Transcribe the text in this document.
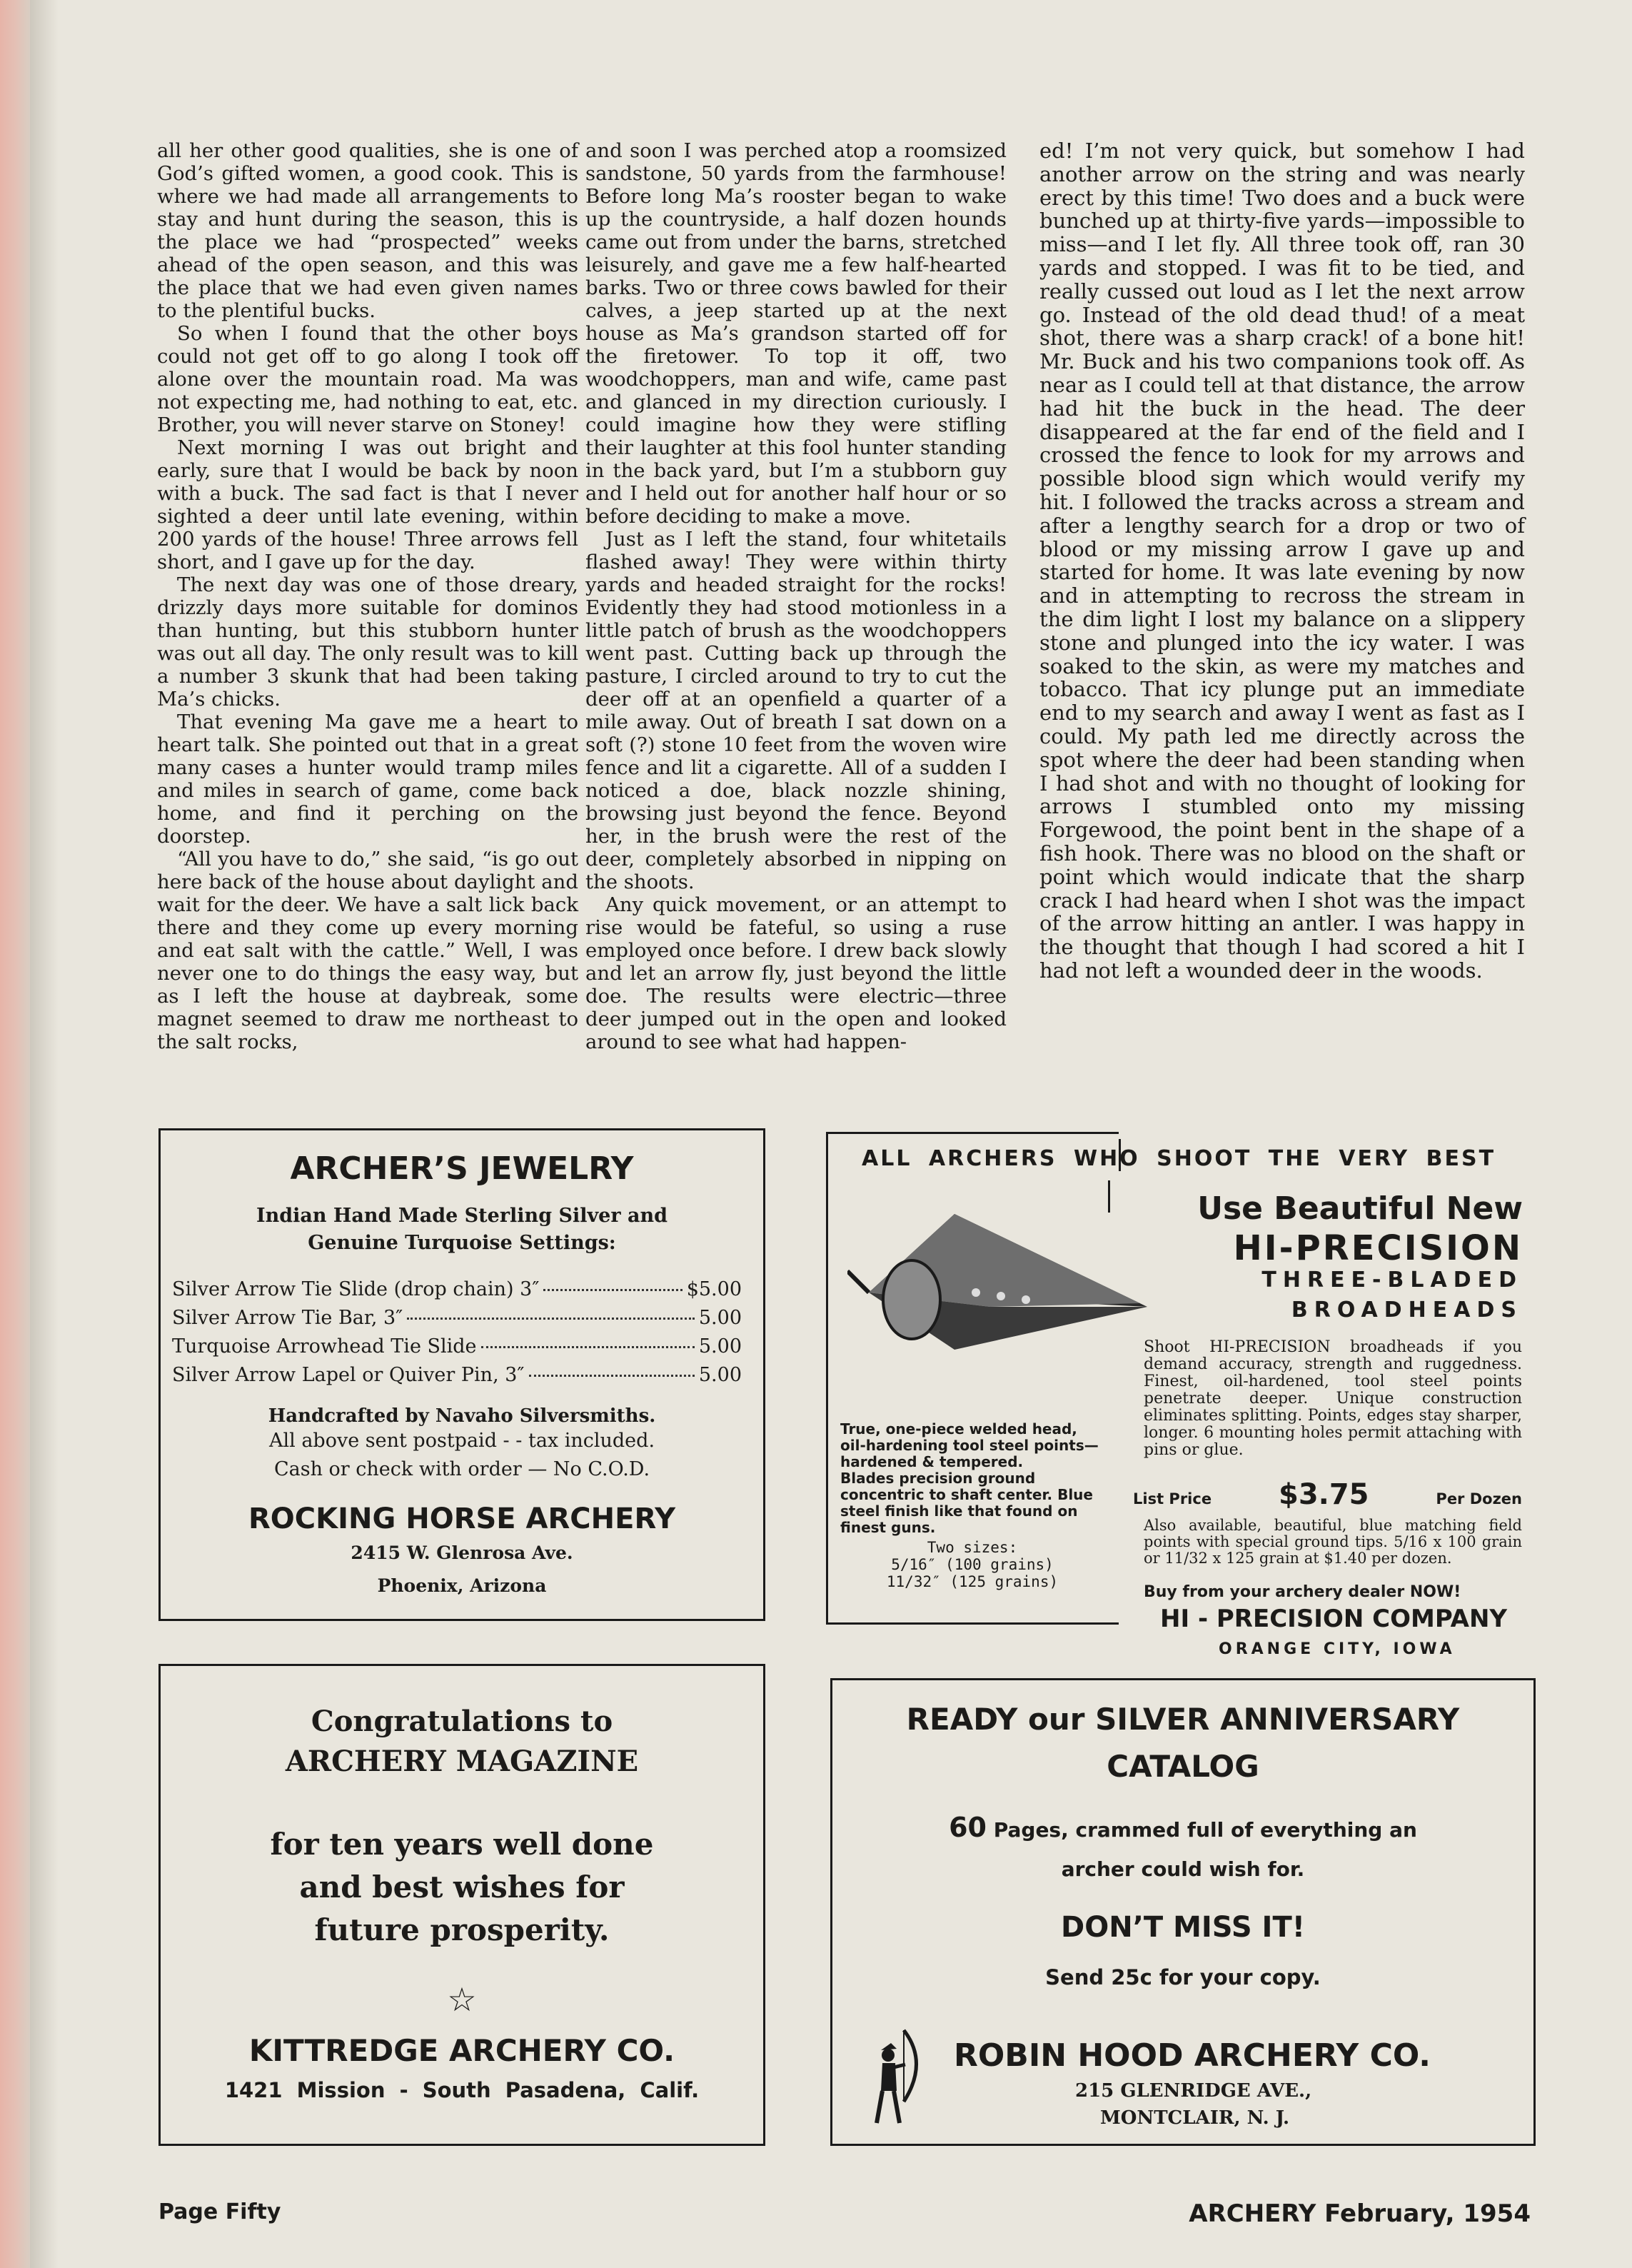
all her other good qualities, she is one of God’s gifted women, a good cook. This is where we had made all arrangements to stay and hunt during the season, this is the place we had “prospected” weeks ahead of the open season, and this was the place that we had even given names to the plentiful bucks.

So when I found that the other boys could not get off to go along I took off alone over the mountain road. Ma was not expecting me, had nothing to eat, etc. Brother, you will never starve on Stoney!

Next morning I was out bright and early, sure that I would be back by noon with a buck. The sad fact is that I never sighted a deer until late evening, within 200 yards of the house! Three arrows fell short, and I gave up for the day.

The next day was one of those dreary, drizzly days more suitable for dominos than hunting, but this stubborn hunter was out all day. The only result was to kill a number 3 skunk that had been taking Ma’s chicks.

That evening Ma gave me a heart to heart talk. She pointed out that in a great many cases a hunter would tramp miles and miles in search of game, come back home, and find it perching on the doorstep.

“All you have to do,” she said, “is go out here back of the house about daylight and wait for the deer. We have a salt lick back there and they come up every morning and eat salt with the cattle.” Well, I was never one to do things the easy way, but as I left the house at daybreak, some magnet seemed to draw me northeast to the salt rocks,

and soon I was perched atop a roomsized sandstone, 50 yards from the farmhouse! Before long Ma’s rooster began to wake up the countryside, a half dozen hounds came out from under the barns, stretched leisurely, and gave me a few half-hearted barks. Two or three cows bawled for their calves, a jeep started up at the next house as Ma’s grandson started off for the firetower. To top it off, two woodchoppers, man and wife, came past and glanced in my direction curiously. I could imagine how they were stifling their laughter at this fool hunter standing in the back yard, but I’m a stubborn guy and I held out for another half hour or so before deciding to make a move.

Just as I left the stand, four whitetails flashed away! They were within thirty yards and headed straight for the rocks! Evidently they had stood motionless in a little patch of brush as the woodchoppers went past. Cutting back up through the pasture, I circled around to try to cut the deer off at an openfield a quarter of a mile away. Out of breath I sat down on a soft (?) stone 10 feet from the woven wire fence and lit a cigarette. All of a sudden I noticed a doe, black nozzle shining, browsing just beyond the fence. Beyond her, in the brush were the rest of the deer, completely absorbed in nipping on the shoots.

Any quick movement, or an attempt to rise would be fateful, so using a ruse employed once before. I drew back slowly and let an arrow fly, just beyond the little doe. The results were electric—three deer jumped out in the open and looked around to see what had happen-

ed! I’m not very quick, but somehow I had another arrow on the string and was nearly erect by this time! Two does and a buck were bunched up at thirty-five yards—impossible to miss—and I let fly. All three took off, ran 30 yards and stopped. I was fit to be tied, and really cussed out loud as I let the next arrow go. Instead of the old dead thud! of a meat shot, there was a sharp crack! of a bone hit! Mr. Buck and his two companions took off. As near as I could tell at that distance, the arrow had hit the buck in the head. The deer disappeared at the far end of the field and I crossed the fence to look for my arrows and possible blood sign which would verify my hit. I followed the tracks across a stream and after a lengthy search for a drop or two of blood or my missing arrow I gave up and started for home. It was late evening by now and in attempting to recross the stream in the dim light I lost my balance on a slippery stone and plunged into the icy water. I was soaked to the skin, as were my matches and tobacco. That icy plunge put an immediate end to my search and away I went as fast as I could. My path led me directly across the spot where the deer had been standing when I had shot and with no thought of looking for arrows I stumbled onto my missing Forgewood, the point bent in the shape of a fish hook. There was no blood on the shaft or point which would indicate that the sharp crack I had heard when I shot was the impact of the arrow hitting an antler. I was happy in the thought that though I had scored a hit I had not left a wounded deer in the woods.

ARCHER’S JEWELRY
Indian Hand Made Sterling Silver and
Genuine Turquoise Settings:
Silver Arrow Tie Slide (drop chain) 3″	$5.00
Silver Arrow Tie Bar, 3″	5.00
Turquoise Arrowhead Tie Slide	5.00
Silver Arrow Lapel or Quiver Pin, 3″	5.00
Handcrafted by Navaho Silversmiths.
All above sent postpaid - - tax included.
Cash or check with order — No C.O.D.
ROCKING HORSE ARCHERY
2415 W. Glenrosa Ave.
Phoenix, Arizona
ALL ARCHERS WHO SHOOT THE VERY BEST
Use Beautiful New
HI-PRECISION
THREE-BLADED
BROADHEADS
Shoot HI-PRECISION broadheads if you demand accuracy, strength and ruggedness. Finest, oil-hardened, tool steel points penetrate deeper. Unique construction eliminates splitting. Points, edges stay sharper, longer. 6 mounting holes permit attaching with pins or glue.
True, one-piece welded head, oil-hardening tool steel points—hardened & tempered.
Blades precision ground concentric to shaft center. Blue steel finish like that found on finest guns.
Two sizes:
5/16″ (100 grains)
11/32″ (125 grains)
List Price $3.75	Per Dozen
Also available, beautiful, blue matching field points with special ground tips. 5/16 x 100 grain or 11/32 x 125 grain at $1.40 per dozen.
Buy from your archery dealer NOW!
HI - PRECISION COMPANY
ORANGE CITY, IOWA
Congratulations to
ARCHERY MAGAZINE
for ten years well done
and best wishes for
future prosperity.
☆
KITTREDGE ARCHERY CO.
1421 Mission - South Pasadena, Calif.
READY our SILVER ANNIVERSARY
CATALOG
60 Pages, crammed full of everything an
archer could wish for.
DON’T MISS IT!
Send 25c for your copy.
ROBIN HOOD ARCHERY CO.
215 GLENRIDGE AVE.,
MONTCLAIR, N. J.
Page Fifty	ARCHERY February, 1954
